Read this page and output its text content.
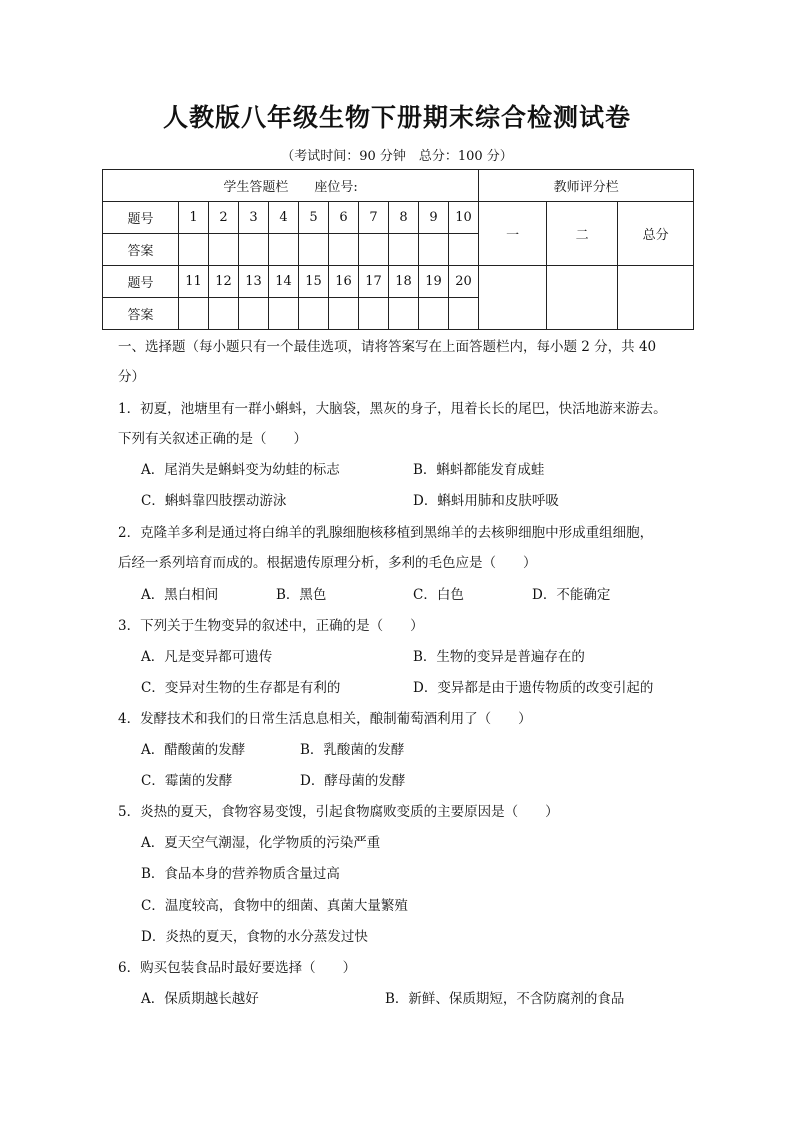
人教版八年级生物下册期末综合检测试卷
（考试时间：90 分钟　总分：100 分）
学生答题栏　　座位号:											教师评分栏		
题号	1	2	3	4	5	6	7	8	9	10	一	二	总分
答案													
题号	11	12	13	14	15	16	17	18	19	20			
答案													
一、选择题（每小题只有一个最佳选项，请将答案写在上面答题栏内，每小题 2 分，共 40
分）
1．初夏，池塘里有一群小蝌蚪，大脑袋，黑灰的身子，甩着长长的尾巴，快活地游来游去。
下列有关叙述正确的是（　　）
A．尾消失是蝌蚪变为幼蛙的标志	B．蝌蚪都能发育成蛙
C．蝌蚪靠四肢摆动游泳	D．蝌蚪用肺和皮肤呼吸
2．克隆羊多利是通过将白绵羊的乳腺细胞核移植到黑绵羊的去核卵细胞中形成重组细胞，
后经一系列培育而成的。根据遗传原理分析，多利的毛色应是（　　）
A．黑白相间	B．黑色	C．白色	D．不能确定
3．下列关于生物变异的叙述中，正确的是（　　）
A．凡是变异都可遗传	B．生物的变异是普遍存在的
C．变异对生物的生存都是有利的	D．变异都是由于遗传物质的改变引起的
4．发酵技术和我们的日常生活息息相关，酿制葡萄酒利用了（　　）
A．醋酸菌的发酵	B．乳酸菌的发酵
C．霉菌的发酵	D．酵母菌的发酵
5．炎热的夏天，食物容易变馊，引起食物腐败变质的主要原因是（　　）
A．夏天空气潮湿，化学物质的污染严重
B．食品本身的营养物质含量过高
C．温度较高，食物中的细菌、真菌大量繁殖
D．炎热的夏天，食物的水分蒸发过快
6．购买包装食品时最好要选择（　　）
A．保质期越长越好	B．新鲜、保质期短，不含防腐剂的食品
